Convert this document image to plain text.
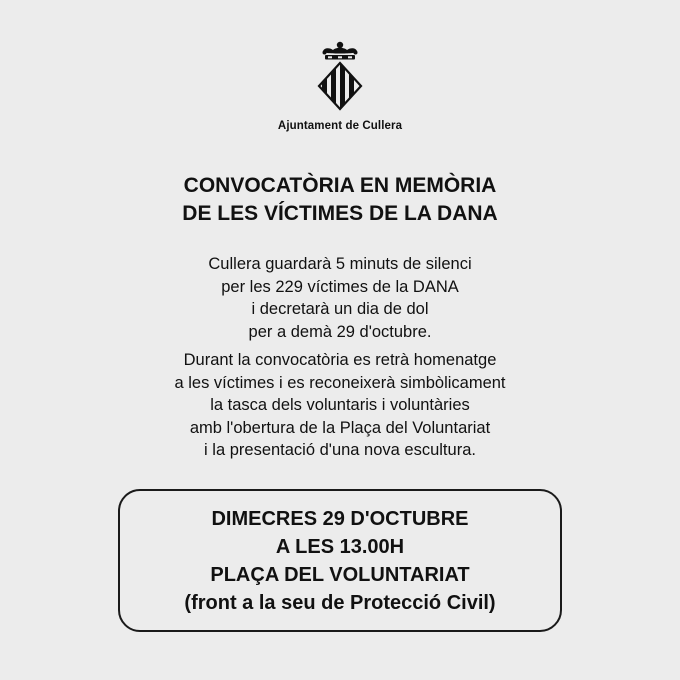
Ajuntament de Cullera
CONVOCATÒRIA EN MEMÒRIA
DE LES VÍCTIMES DE LA DANA
Cullera guardarà 5 minuts de silenci
per les 229 víctimes de la DANA
i decretarà un dia de dol
per a demà 29 d'octubre.
Durant la convocatòria es retrà homenatge
a les víctimes i es reconeixerà simbòlicament
la tasca dels voluntaris i voluntàries
amb l'obertura de la Plaça del Voluntariat
i la presentació d'una nova escultura.
DIMECRES 29 D'OCTUBRE
A LES 13.00H
PLAÇA DEL VOLUNTARIAT
(front a la seu de Protecció Civil)
